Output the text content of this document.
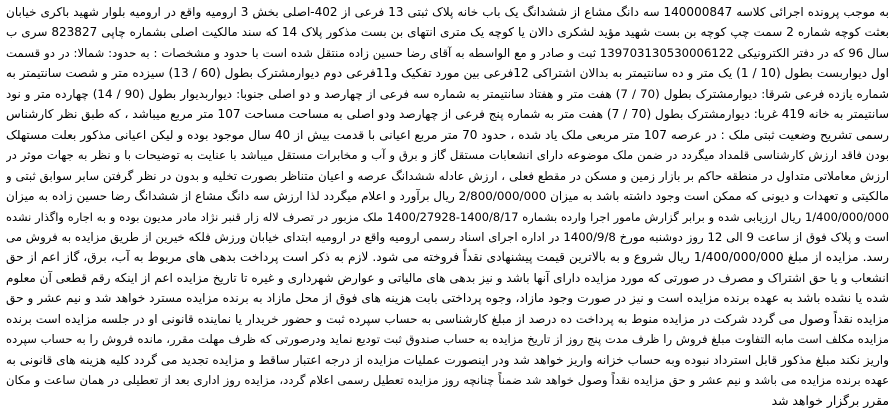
به موجب پرونده اجرائی کلاسه 140000847 سه دانگ مشاع از ششدانگ یک باب خانه پلاک ثبتی 13 فرعی از 402-اصلی بخش 3 ارومیه واقع در ارومیه بلوار شهید باکری خیابان
بعثت کوچه شماره 2 سمت چپ کوچه بن بست شهید مؤید لشکری دالان یا کوچه یک متری انتهای بن بست مذکور پلاک 14 که سند مالکیت اصلی بشماره چاپی 823827 سری ب
سال 96 که در دفتر الکترونیکی 139703130530006122 ثبت و صادر و مع الواسطه به آقای رضا حسین زاده منتقل شده است با حدود و مشخصات : به حدود: شمالا: در دو قسمت
اول دیواربست بطول (10 / 1) یک متر و ده سانتیمتر به بدالان اشتراکی 12فرعی بین مورد تفکیک و11فرعی دوم دیوارمشترک بطول (60 / 13) سیزده متر و شصت سانتیمتر به
شماره یازده فرعی شرقا: دیوارمشترک بطول (70 / 7) هفت متر و هفتاد سانتیمتر به شماره سه فرعی از چهارصد و دو اصلی جنوبا: دیواربدیوار بطول (90 / 14) چهارده متر و نود
سانتیمتر به خانه 419 غربا: دیوارمشترک بطول (70 / 7) هفت متر به شماره پنج فرعی از چهارصد ودو اصلی به مساحت مساحت 107 متر مربع میباشد ، که طبق نظر کارشناس
رسمی تشریح وضعیت ثبتی ملک : در عرصه 107 متر مربعی ملک یاد شده ، حدود 70 متر مربع اعیانی با قدمت بیش از 40 سال موجود بوده و لیکن اعیانی مذکور بعلت مستهلک
بودن فاقد ارزش کارشناسی قلمداد میگردد در ضمن ملک موضوعه دارای انشعابات مستقل گاز و برق و آب و مخابرات مستقل میباشد با عنایت به توضیحات با و نظر به جهات موثر در
ارزش معاملاتی متداول در منطقه حاکم بر بازار زمین و مسکن در مقطع فعلی ، ارزش عادله ششدانگ عرصه و اعیان متناظر بصورت تخلیه و بدون در نظر گرفتن سابر سوابق ثبتی و
مالکیتی و تعهدات و دیونی که ممکن است وجود داشته باشد به میزان 2/800/000/000 ریال برآورد و اعلام میگردد لذا ارزش سه دانگ مشاع از ششدانگ رضا حسین زاده به میزان
1/400/000/000 ریال ارزیابی شده و برابر گزارش مامور اجرا وارده بشماره 1400/8/17-1400/27928 ملک مزبور در تصرف لاله زار قنبر نژاد مادر مدیون بوده و به اجاره واگذار نشده
است و پلاک فوق از ساعت 9 الی 12 روز دوشنبه مورخ 1400/9/8 در اداره اجرای اسناد رسمی ارومیه واقع در ارومیه ابتدای خیابان ورزش فلکه خیرین از طریق مزایده به فروش می
رسد. مزایده از مبلغ 1/400/000/000 ریال شروع و به بالاترین قیمت پیشنهادی نقداً فروخته می شود. لازم به ذکر است پرداخت بدهی های مربوط به آب، برق، گاز اعم از حق
انشعاب و یا حق اشتراک و مصرف در صورتی که مورد مزایده دارای آنها باشد و نیز بدهی های مالیاتی و عوارض شهرداری و غیره تا تاریخ مزایده اعم از اینکه رقم قطعی آن معلوم
شده یا نشده باشد به عهده برنده مزایده است و نیز در صورت وجود مازاد، وجوه پرداختی بابت هزینه های فوق از محل مازاد به برنده مزایده مسترد خواهد شد و نیم عشر و حق
مزایده نقداً وصول می گردد شرکت در مزایده منوط به پرداخت ده درصد از مبلغ کارشناسی به حساب سپرده ثبت و حضور خریدار یا نماینده قانونی او در جلسه مزایده است برنده
مزایده مکلف است مابه التفاوت مبلغ فروش را ظرف مدت پنج روز از تاریخ مزایده به حساب صندوق ثبت تودیع نماید ودرصورتی که ظرف مهلت مقرر، مانده فروش را به حساب سپرده
واریز نکند مبلغ مذکور قابل استرداد نبوده وبه حساب خزانه واریز خواهد شد ودر اینصورت عملیات مزایده از درجه اعتبار ساقط و مزایده تجدید می گردد کلیه هزینه های قانونی به
عهده برنده مزایده می باشد و نیم عشر و حق مزایده نقداً وصول خواهد شد ضمناً چنانچه روز مزایده تعطیل رسمی اعلام گردد، مزایده روز اداری بعد از تعطیلی در همان ساعت و مکان
مقرر برگزار خواهد شد
